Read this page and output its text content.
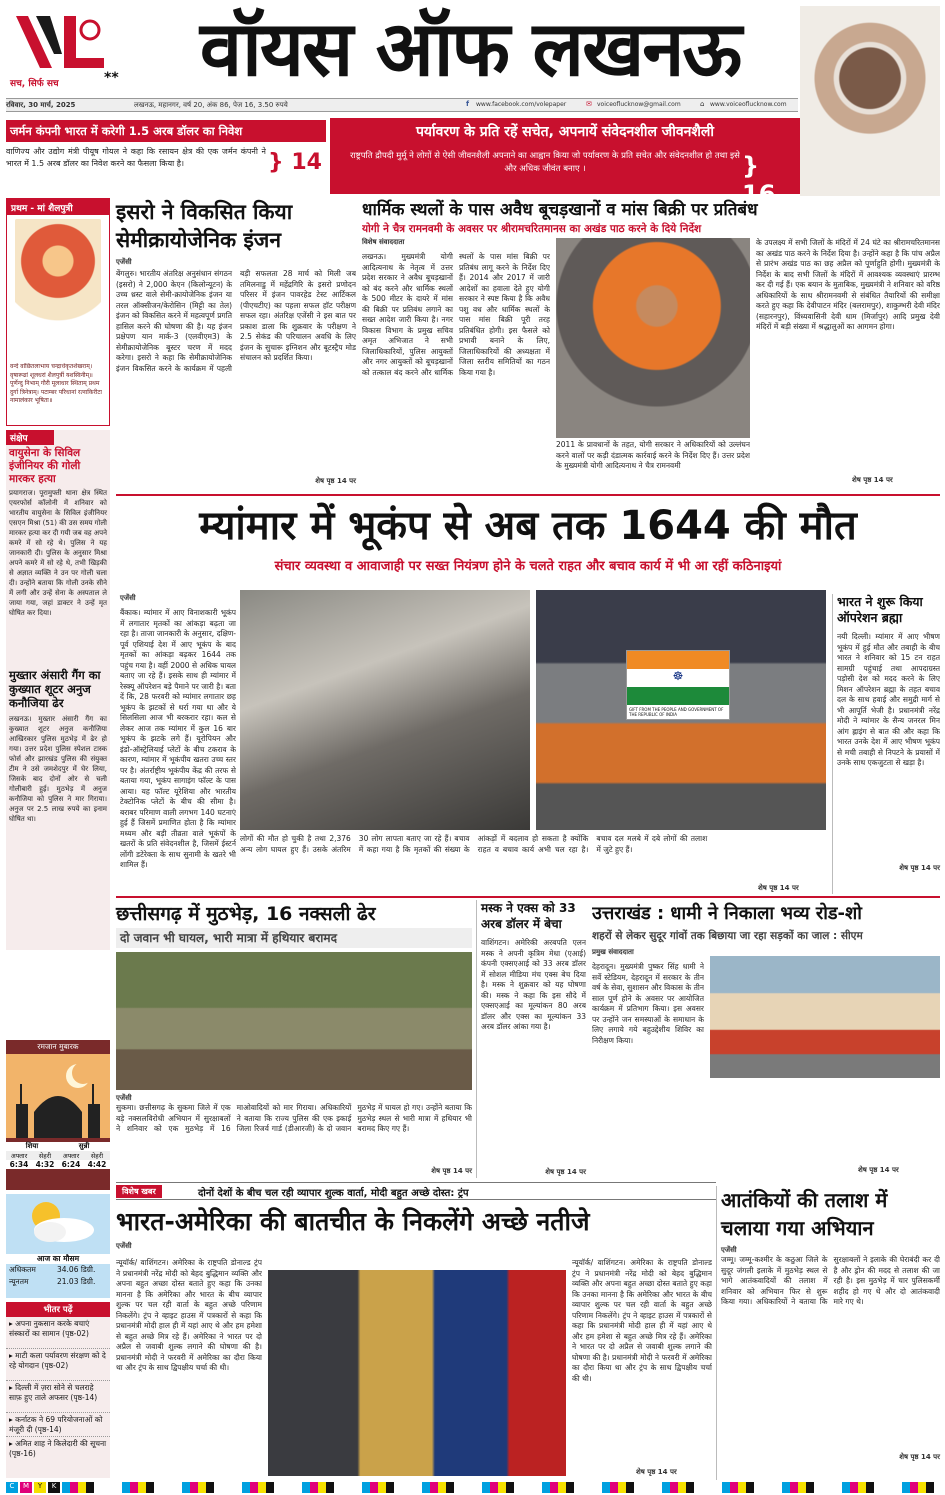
सच, सिर्फ सच	**	वॉयस ऑफ लखनऊ
रविवार, 30 मार्च, 2025	लखनऊ, महानगर, वर्ष 20, अंक 86, पेज 16, 3.50 रुपये	f www.facebook.com/volepaper	✉ voiceoflucknow@gmail.com	⌂ www.voiceoflucknow.com
जर्मन कंपनी भारत में करेगी 1.5 अरब डॉलर का निवेश
वाणिज्य और उद्योग मंत्री पीयूष गोयल ने कहा कि रसायन क्षेत्र की एक जर्मन कंपनी ने भारत में 1.5 अरब डॉलर का निवेश करने का फैसला किया है।	} 14
पर्यावरण के प्रति रहें सचेत, अपनायें संवेदनशील जीवनशैली
राष्ट्रपति द्रौपदी मुर्मू ने लोगों से ऐसी जीवनशैली अपनाने का आह्वान किया जो पर्यावरण के प्रति सचेत और संवेदनशील हो तथा इसे और अधिक जीवंत बनाए ।	} 16
प्रथम - मां शैलपुत्री
वन्दे वांछितलाभाय चन्द्रार्धकृतशेखराम्। वृषारूढां शूलधरां शैलपुत्रीं यशस्विनीम्॥ पूर्णेन्दु निभाम् गौरी मूलाधार स्थिताम् प्रथम दुर्गा त्रिनेत्राम्। पटाम्बर परिधानां रत्नाकिरीटा नामालंकार भूषिता॥
संक्षेप
वायुसेना के सिविल इंजीनियर की गोली मारकर हत्या
प्रयागराज। पूरामुफ्ती थाना क्षेत्र स्थित एयरफोर्स कॉलोनी में शनिवार को भारतीय वायुसेना के सिविल इंजीनियर एसएन मिश्रा (51) की उस समय गोली मारकर हत्या कर दी गयी जब वह अपने कमरे में सो रहे थे। पुलिस ने यह जानकारी दी। पुलिस के अनुसार मिश्रा अपने कमरे में सो रहे थे, तभी खिड़की से अज्ञात व्यक्ति ने उन पर गोली चला दी। उन्होंने बताया कि गोली उनके सीने में लगी और उन्हें सेना के अस्पताल ले जाया गया, जहां डाक्टर ने उन्हें मृत घोषित कर दिया।
मुख्तार अंसारी गैंग का कुख्यात शूटर अनुज कनौजिया ढेर
लखनऊ। मुख्तार अंसारी गैंग का कुख्यात शूटर अनुज कनौजिया आखिरकार पुलिस मुठभेड़ में ढेर हो गया। उत्तर प्रदेश पुलिस स्पेशल टास्क फोर्स और झारखंड पुलिस की संयुक्त टीम ने उसे जमशेदपुर में घेर लिया, जिसके बाद दोनों ओर से चली गोलीबारी हुई। मुठभेड़ में अनुज कनौजिया को पुलिस ने मार गिराया। अनुज पर 2.5 लाख रुपये का इनाम घोषित था।
रमजान मुबारक
शिया	सुन्नी
अफ्तार	सेहरी	अफ्तार	सेहरी
6:34 4:32 6:24 4:42
आज का मौसम
अधिकतम	34.06 डिग्री.
न्यूनतम	21.03 डिग्री.
भीतर पढ़ें
▸ अपना नुकसान करके बचाएं संस्कारों का सामान (पृष्ठ-02)
▸ माटी कला पर्यावरण संरक्षण को दे रहे योगदान (पृष्ठ-02)
▸ दिल्ली में ज़रा सोने से चलराहे साफ़ हुए ताले अफसर (पृष्ठ-14)
▸ कर्नाटक ने 69 परियोजनाओं को मंजूरी दी (पृष्ठ-14)
▸ अमित शाह ने किलेदारी की सूचना (पृष्ठ-16)
इसरो ने विकसित किया
सेमीक्रायोजेनिक इंजन
एजेंसी
बेंगलुरु। भारतीय अंतरिक्ष अनुसंधान संगठन (इसरो) ने 2,000 केएन (किलोन्यूटन) के उच्च थ्रस्ट वाले सेमी-क्रायोजेनिक इंजन या तरल ऑक्सीजन/केरोसिन (मिट्टी का तेल) इंजन को विकसित करने में महत्वपूर्ण प्रगति हासिल करने की घोषणा की है। यह इंजन प्रक्षेपण यान मार्क-3 (एलवीएम3) के सेमीक्रायोजेनिक बूस्टर चरण में मदद करेगा। इसरो ने कहा कि सेमीक्रायोजेनिक इंजन विकसित करने के कार्यक्रम में पहली बड़ी सफलता 28 मार्च को मिली जब तमिलनाडु में महेंद्रगिरि के इसरो प्रणोदन परिसर में इंजन पावरहेड टेस्ट आर्टिकल (पीएचटीए) का पहला सफल हॉट परीक्षण सफल रहा। अंतरिक्ष एजेंसी ने इस बात पर प्रकाश डाला कि शुक्रवार के परीक्षण ने 2.5 सेकंड की परिचालन अवधि के लिए इंजन के सुचारू इग्निशन और बूटस्ट्रैप मोड संचालन को प्रदर्शित किया।
शेष पृष्ठ 14 पर
धार्मिक स्थलों के पास अवैध बूचड़खानों व मांस बिक्री पर प्रतिबंध
योगी ने चैत्र रामनवमी के अवसर पर श्रीरामचरितमानस का अखंड पाठ करने के दिये निर्देश
विशेष संवाददाता
लखनऊ। मुख्यमंत्री योगी आदित्यनाथ के नेतृत्व में उत्तर प्रदेश सरकार ने अवैध बूचड़खानों को बंद करने और धार्मिक स्थलों के 500 मीटर के दायरे में मांस की बिक्री पर प्रतिबंध लगाने का सख्त आदेश जारी किया है। नगर विकास विभाग के प्रमुख सचिव अमृत अभिजात ने सभी जिलाधिकारियों, पुलिस आयुक्तों और नगर आयुक्तों को बूचड़खानों को तत्काल बंद करने और धार्मिक स्थलों के पास मांस बिक्री पर प्रतिबंध लागू करने के निर्देश दिए हैं। 2014 और 2017 में जारी आदेशों का हवाला देते हुए योगी सरकार ने स्पष्ट किया है कि अवैध पशु वध और धार्मिक स्थलों के पास मांस बिक्री पूरी तरह प्रतिबंधित होगी। इस फैसले को प्रभावी बनाने के लिए, जिलाधिकारियों की अध्यक्षता में जिला स्तरीय समितियों का गठन किया गया है।
2011 के प्रावधानों के तहत, योगी सरकार ने अधिकारियों को उल्लंघन करने वालों पर कड़ी दंडात्मक कार्रवाई करने के निर्देश दिए हैं। उत्तर प्रदेश के मुख्यमंत्री योगी आदित्यनाथ ने चैत्र रामनवमी
के उपलक्ष्य में सभी जिलों के मंदिरों में 24 घंटे का श्रीरामचरितमानस का अखंड पाठ करने के निर्देश दिया है। उन्होंने कहा है कि पांच अप्रैल से प्रारंभ अखंड पाठ का छह अप्रैल को पूर्णाहुति होगी। मुख्यमंत्री के निर्देश के बाद सभी जिलों के मंदिरों में आवश्यक व्यवस्थाएं प्रारम्भ कर दी गई हैं। एक बयान के मुताबिक, मुख्यमंत्री ने शनिवार को वरिष्ठ अधिकारियों के साथ श्रीरामनवमी से संबंधित तैयारियों की समीक्षा करते हुए कहा कि देवीपाटन मंदिर (बलरामपुर), शाकुम्भरी देवी मंदिर (सहारनपुर), विंध्यवासिनी देवी धाम (मिर्जापुर) आदि प्रमुख देवी मंदिरों में बड़ी संख्या में श्रद्धालुओं का आगमन होगा।
शेष पृष्ठ 14 पर
म्यांमार में भूकंप से अब तक 1644 की मौत
संचार व्यवस्था व आवाजाही पर सख्त नियंत्रण होने के चलते राहत और बचाव कार्य में भी आ रहीं कठिनाइयां
एजेंसी
बैंकाक। म्यांमार में आए विनाशकारी भूकंप में लगातार मृतकों का आंकड़ा बढ़ता जा रहा है। ताजा जानकारी के अनुसार, दक्षिण-पूर्व एशियाई देश में आए भूकंप के बाद मृतकों का आंकड़ा बढ़कर 1644 तक पहुंच गया है। वहीं 2000 से अधिक घायल बताए जा रहे हैं। इसके साथ ही म्यांमार में रेस्क्यू ऑपरेशन बड़े पैमाने पर जारी है। बता दें कि, 28 फरवरी को म्यांमार लगातार छह भूकंप के झटकों से थर्रा गया था और ये सिलसिला आज भी बरकरार रहा। कल से लेकर आज तक म्यांमार में कुल 16 बार भूकंप के झटके लगे हैं। यूरोपियन और इंडो-ऑस्ट्रेलियाई प्लेटों के बीच टकराव के कारण, म्यांमार में भूकंपीय खतरा उच्च स्तर पर है। अंतर्राष्ट्रीय भूकंपीय केंद्र की तरफ से बताया गया, भूकंप सागाइंग फॉल्ट के पास आया। यह फॉल्ट यूरेशिया और भारतीय टेक्टोनिक प्लेटों के बीच की सीमा है। बराबर परिमाण वाली लगभग 140 घटनाएं हुई हैं जिसमें प्रमाणित होता है कि म्यांमार मध्यम और बड़ी तीव्रता वाले भूकंपों के खतरों के प्रति संवेदनशील है, जिसमें ईस्टर्न लोंगी डटेरेक्ता के साथ सुनामी के खतरे भी शामिल हैं।
☸
GIFT FROM THE PEOPLE AND GOVERNMENT OF THE REPUBLIC OF INDIA
लोगों की मौत हो चुकी है तथा 2,376 अन्य लोग घायल हुए हैं। उसके अंतरिम 30 लोग लापता बताए जा रहे हैं। बचाव में कहा गया है कि मृतकों की संख्या के आंकड़ों में बदलाव हो सकता है क्योंकि राहत व बचाव कार्य अभी चल रहा है। बचाव दल मलबे में दबे लोगों की तलाश में जुटे हुए हैं।
शेष पृष्ठ 14 पर
भारत ने शुरू किया ऑपरेशन ब्रह्मा
नयी दिल्ली। म्यांमार में आए भीषण भूकंप में हुई मौत और तबाही के बीच भारत ने शनिवार को 15 टन राहत सामग्री पहुंचाई तथा आपदाग्रस्त पड़ोसी देश को मदद करने के लिए मिशन ऑपरेशन ब्रह्मा के तहत बचाव दल के साथ हवाई और समुद्री मार्ग से भी आपूर्ति भेजी है। प्रधानमंत्री नरेंद्र मोदी ने म्यांमार के सैन्य जनरल मिन आंग ह्लाइंग से बात की और कहा कि भारत उनके देश में आए भीषण भूकंप से मची तबाही से निपटने के प्रयासों में उनके साथ एकजुटता से खड़ा है।
शेष पृष्ठ 14 पर
छत्तीसगढ़ में मुठभेड़, 16 नक्सली ढेर
दो जवान भी घायल, भारी मात्रा में हथियार बरामद
एजेंसी
सुकमा। छत्तीसगढ़ के सुकमा जिले में एक बड़े नक्सलविरोधी अभियान में सुरक्षाबलों ने शनिवार को एक मुठभेड़ में 16 माओवादियों को मार गिराया। अधिकारियों ने बताया कि राज्य पुलिस की एक इकाई जिला रिजर्व गार्ड (डीआरजी) के दो जवान मुठभेड़ में घायल हो गए। उन्होंने बताया कि मुठभेड़ स्थल से भारी मात्रा में हथियार भी बरामद किए गए हैं।
शेष पृष्ठ 14 पर
मस्क ने एक्स को 33 अरब डॉलर में बेचा
वाशिंगटन। अमेरिकी अरबपति एलन मस्क ने अपनी कृत्रिम मेधा (एआई) कंपनी एक्सएआई को 33 अरब डॉलर में सोशल मीडिया मंच एक्स बेच दिया है। मस्क ने शुक्रवार को यह घोषणा की। मस्क ने कहा कि इस सौदे में एक्सएआई का मूल्यांकन 80 अरब डॉलर और एक्स का मूल्यांकन 33 अरब डॉलर आंका गया है।
शेष पृष्ठ 14 पर
उत्तराखंड : धामी ने निकाला भव्य रोड-शो
शहरों से लेकर सुदूर गांवों तक बिछाया जा रहा सड़कों का जाल : सीएम
प्रमुख संवाददाता
देहरादून। मुख्यमंत्री पुष्कर सिंह धामी ने सर्वे स्टेडियम, देहरादून में सरकार के तीन वर्ष के सेवा, सुशासन और विकास के तीन साल पूर्ण होने के अवसर पर आयोजित कार्यक्रम में प्रतिभाग किया। इस अवसर पर उन्होंने जन समस्याओं के समाधान के लिए लगाये गये बहुउद्देशीय शिविर का निरीक्षण किया।
शेष पृष्ठ 14 पर
विशेष खबर	दोनों देशों के बीच चल रही व्यापार शुल्क वार्ता, मोदी बहुत अच्छे दोस्त: ट्रंप
भारत-अमेरिका की बातचीत के निकलेंगे अच्छे नतीजे
एजेंसी
न्यूयॉर्क/ वाशिंगटन। अमेरिका के राष्ट्रपति डोनाल्ड ट्रंप ने प्रधानमंत्री नरेंद्र मोदी को बेहद बुद्धिमान व्यक्ति और अपना बहुत अच्छा दोस्त बताते हुए कहा कि उनका मानना है कि अमेरिका और भारत के बीच व्यापार शुल्क पर चल रही वार्ता के बहुत अच्छे परिणाम निकलेंगे। ट्रंप ने व्हाइट हाउस में पत्रकारों से कहा कि प्रधानमंत्री मोदी हाल ही में यहां आए थे और हम हमेशा से बहुत अच्छे मित्र रहे हैं। अमेरिका ने भारत पर दो अप्रैल से जवाबी शुल्क लगाने की घोषणा की है। प्रधानमंत्री मोदी ने फरवरी में अमेरिका का दौरा किया था और ट्रंप के साथ द्विपक्षीय चर्चा की थी।
न्यूयॉर्क/ वाशिंगटन। अमेरिका के राष्ट्रपति डोनाल्ड ट्रंप ने प्रधानमंत्री नरेंद्र मोदी को बेहद बुद्धिमान व्यक्ति और अपना बहुत अच्छा दोस्त बताते हुए कहा कि उनका मानना है कि अमेरिका और भारत के बीच व्यापार शुल्क पर चल रही वार्ता के बहुत अच्छे परिणाम निकलेंगे। ट्रंप ने व्हाइट हाउस में पत्रकारों से कहा कि प्रधानमंत्री मोदी हाल ही में यहां आए थे और हम हमेशा से बहुत अच्छे मित्र रहे हैं। अमेरिका ने भारत पर दो अप्रैल से जवाबी शुल्क लगाने की घोषणा की है। प्रधानमंत्री मोदी ने फरवरी में अमेरिका का दौरा किया था और ट्रंप के साथ द्विपक्षीय चर्चा की थी।
शेष पृष्ठ 14 पर
आतंकियों की तलाश में चलाया गया अभियान
एजेंसी
जम्मू। जम्मू-कश्मीर के कठुआ जिले के सुदूर जंगली इलाके में मुठभेड़ स्थल से भागे आतंकवादियों की तलाश में शनिवार को अभियान फिर से शुरू किया गया। अधिकारियों ने बताया कि सुरक्षाबलों ने इलाके की घेराबंदी कर दी है और ड्रोन की मदद से तलाश की जा रही है। इस मुठभेड़ में चार पुलिसकर्मी शहीद हो गए थे और दो आतंकवादी मारे गए थे।
शेष पृष्ठ 14 पर
C	M	Y	K
